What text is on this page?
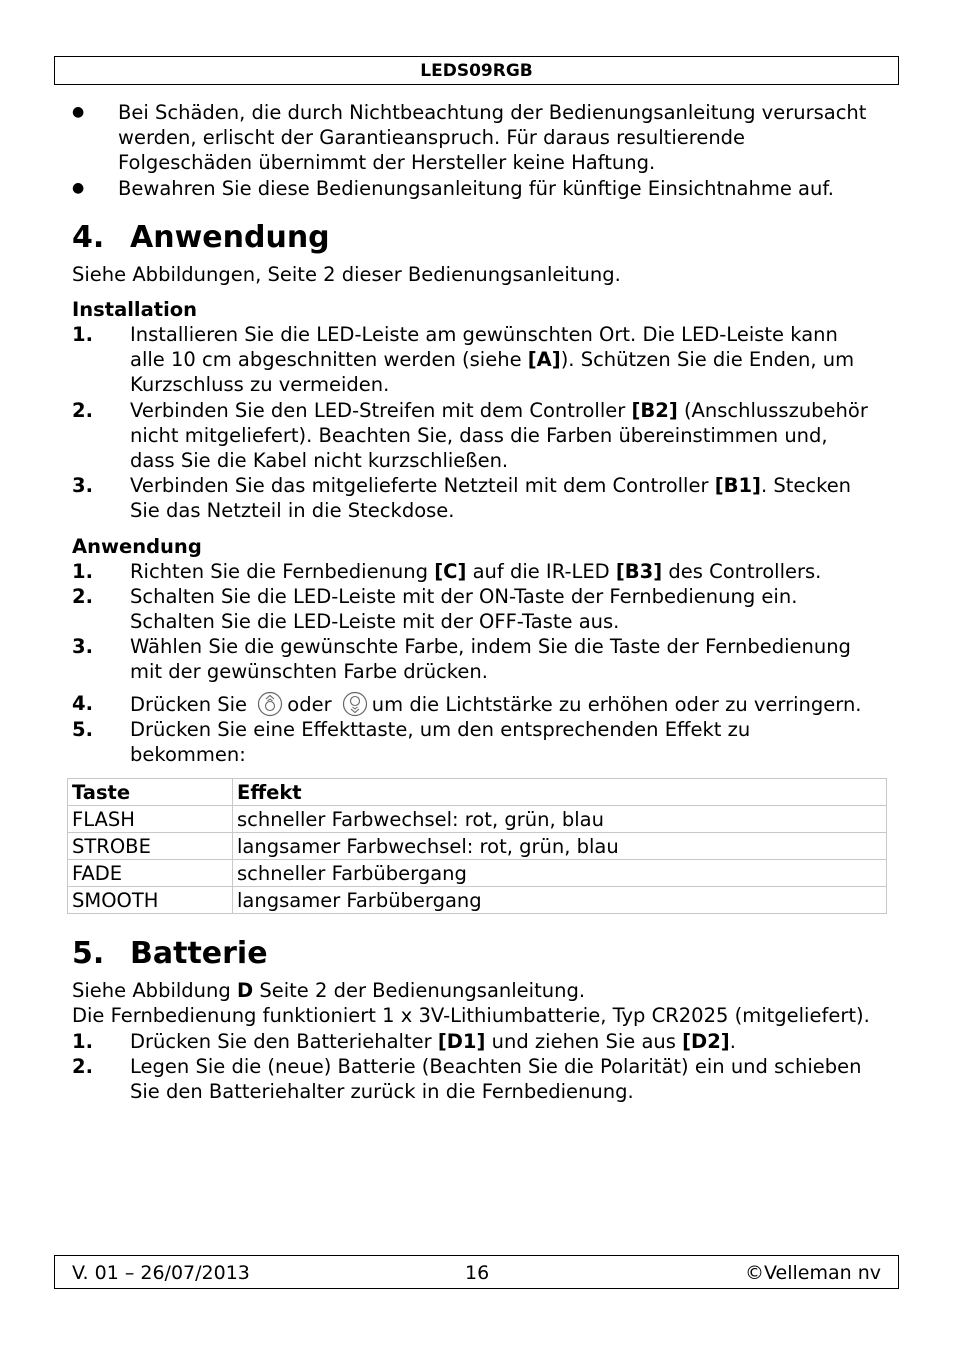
LEDS09RGB
● Bei Schäden, die durch Nichtbeachtung der Bedienungsanleitung verursacht werden, erlischt der Garantieanspruch. Für daraus resultierende Folgeschäden übernimmt der Hersteller keine Haftung.
● Bewahren Sie diese Bedienungsanleitung für künftige Einsichtnahme auf.
4. Anwendung

Siehe Abbildungen, Seite 2 dieser Bedienungsanleitung.

Installation
1. Installieren Sie die LED-Leiste am gewünschten Ort. Die LED-Leiste kann alle 10 cm abgeschnitten werden (siehe [A]). Schützen Sie die Enden, um Kurzschluss zu vermeiden.
2. Verbinden Sie den LED-Streifen mit dem Controller [B2] (Anschlusszubehör nicht mitgeliefert). Beachten Sie, dass die Farben übereinstimmen und, dass Sie die Kabel nicht kurzschließen.
3. Verbinden Sie das mitgelieferte Netzteil mit dem Controller [B1]. Stecken Sie das Netzteil in die Steckdose.
Anwendung
1. Richten Sie die Fernbedienung [C] auf die IR-LED [B3] des Controllers.
2. Schalten Sie die LED-Leiste mit der ON-Taste der Fernbedienung ein. Schalten Sie die LED-Leiste mit der OFF-Taste aus.
3. Wählen Sie die gewünschte Farbe, indem Sie die Taste der Fernbedienung mit der gewünschten Farbe drücken.
4. Drücken Sie oder um die Lichtstärke zu erhöhen oder zu verringern.
5. Drücken Sie eine Effekttaste, um den entsprechenden Effekt zu bekommen:
Taste	Effekt
FLASH	schneller Farbwechsel: rot, grün, blau
STROBE	langsamer Farbwechsel: rot, grün, blau
FADE	schneller Farbübergang
SMOOTH	langsamer Farbübergang
5. Batterie

Siehe Abbildung D Seite 2 der Bedienungsanleitung.

Die Fernbedienung funktioniert 1 x 3V-Lithiumbatterie, Typ CR2025 (mitgeliefert).

1. Drücken Sie den Batteriehalter [D1] und ziehen Sie aus [D2].
2. Legen Sie die (neue) Batterie (Beachten Sie die Polarität) ein und schieben Sie den Batteriehalter zurück in die Fernbedienung.
V. 01 – 26/07/2013	16	©Velleman nv
